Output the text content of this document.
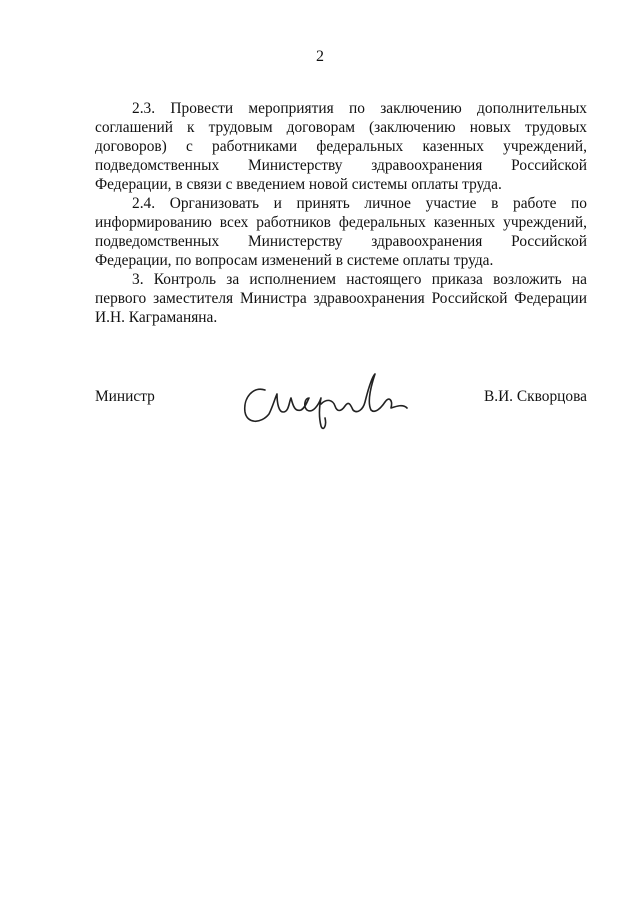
2

2.3. Провести мероприятия по заключению дополнительных соглашений к трудовым договорам (заключению новых трудовых договоров) с работниками федеральных казенных учреждений, подведомственных Министерству здравоохранения Российской Федерации, в связи с введением новой системы оплаты труда.

2.4. Организовать и принять личное участие в работе по информированию всех работников федеральных казенных учреждений, подведомственных Министерству здравоохранения Российской Федерации, по вопросам изменений в системе оплаты труда.

3. Контроль за исполнением настоящего приказа возложить на первого заместителя Министра здравоохранения Российской Федерации И.Н. Каграманяна.

Министр	В.И. Скворцова
